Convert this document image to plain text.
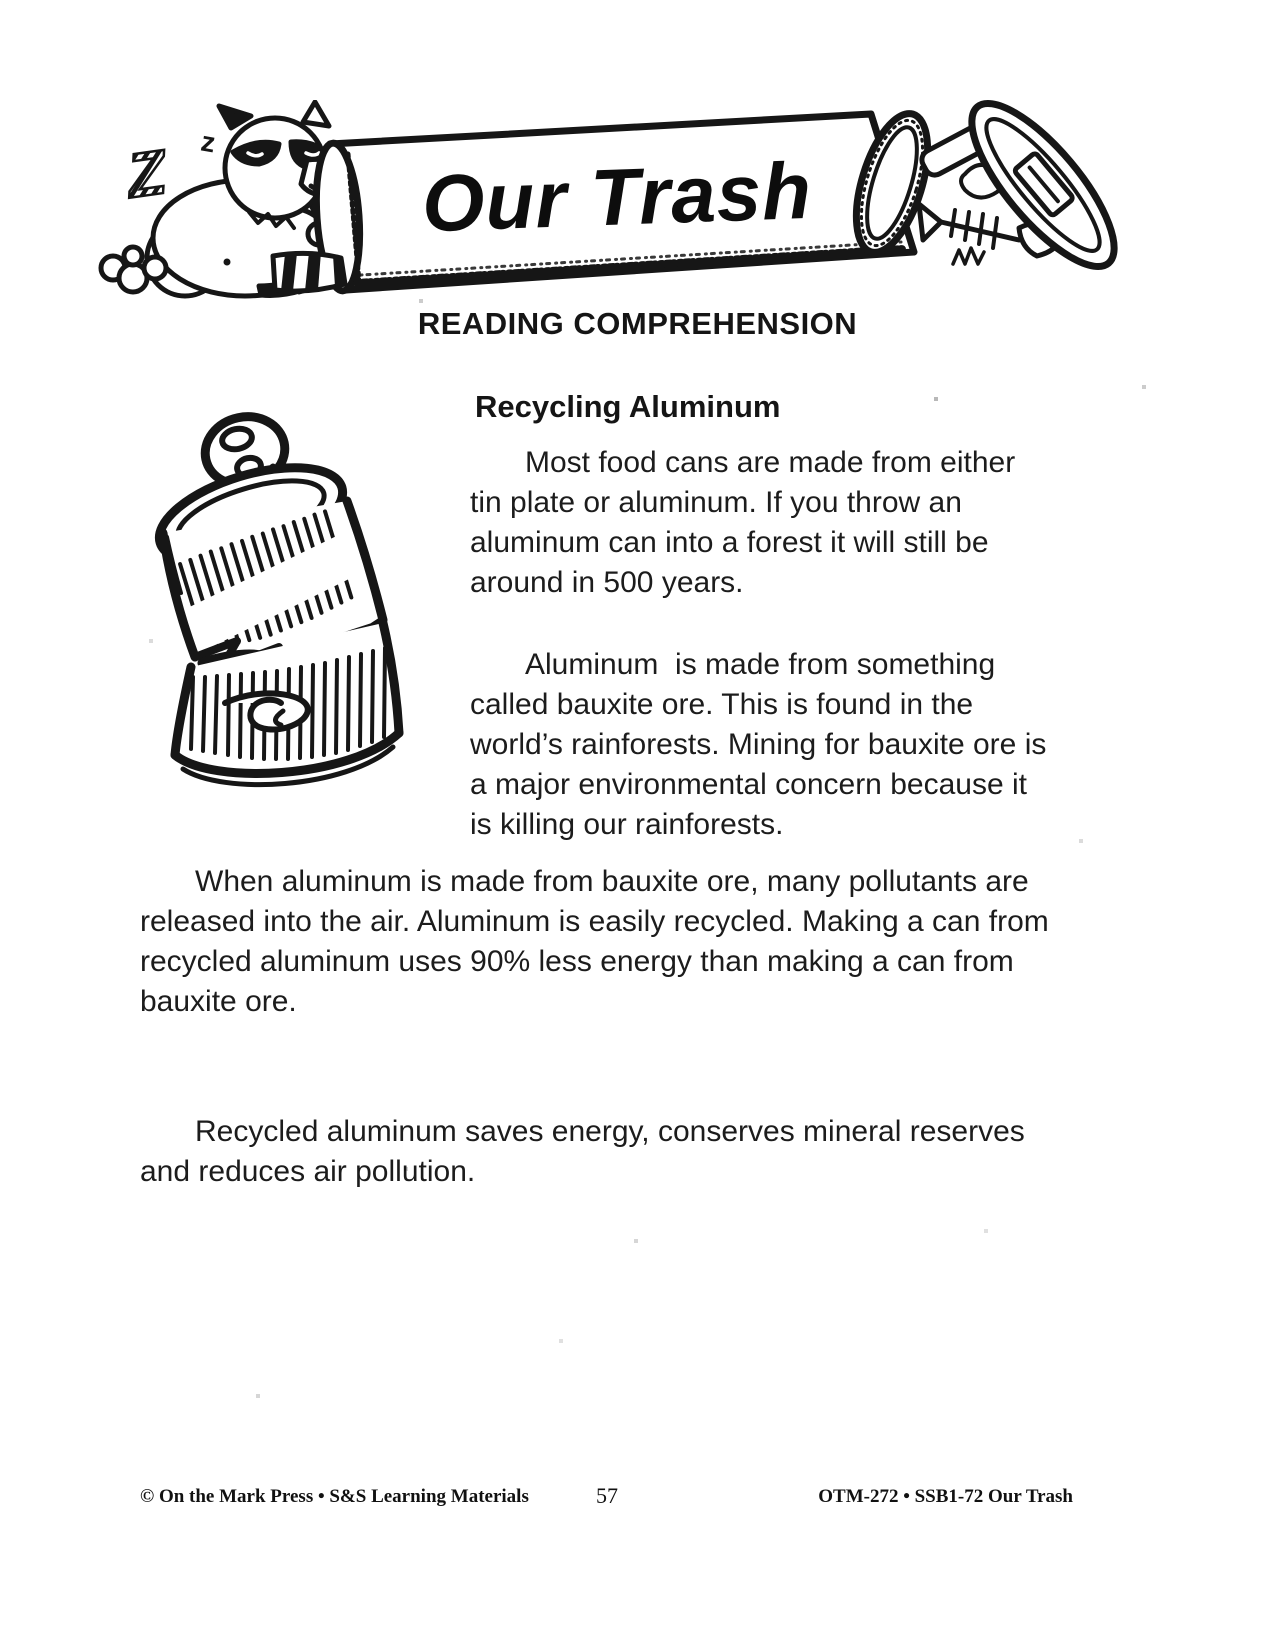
Z z
Our Trash
READING COMPREHENSION
Recycling Aluminum

Most food cans are made from either tin plate or aluminum. If you throw an aluminum can into a forest it will still be around in 500 years.

Aluminum  is made from something called bauxite ore. This is found in the world’s rainforests. Mining for bauxite ore is a major environmental concern because it is killing our rainforests.

When aluminum is made from bauxite ore, many pollutants are released into the air. Aluminum is easily recycled. Making a can from recycled aluminum uses 90% less energy than making a can from bauxite ore.

Recycled aluminum saves energy, conserves mineral reserves and reduces air pollution.

© On the Mark Press • S&S Learning Materials	57	OTM-272 • SSB1-72 Our Trash
